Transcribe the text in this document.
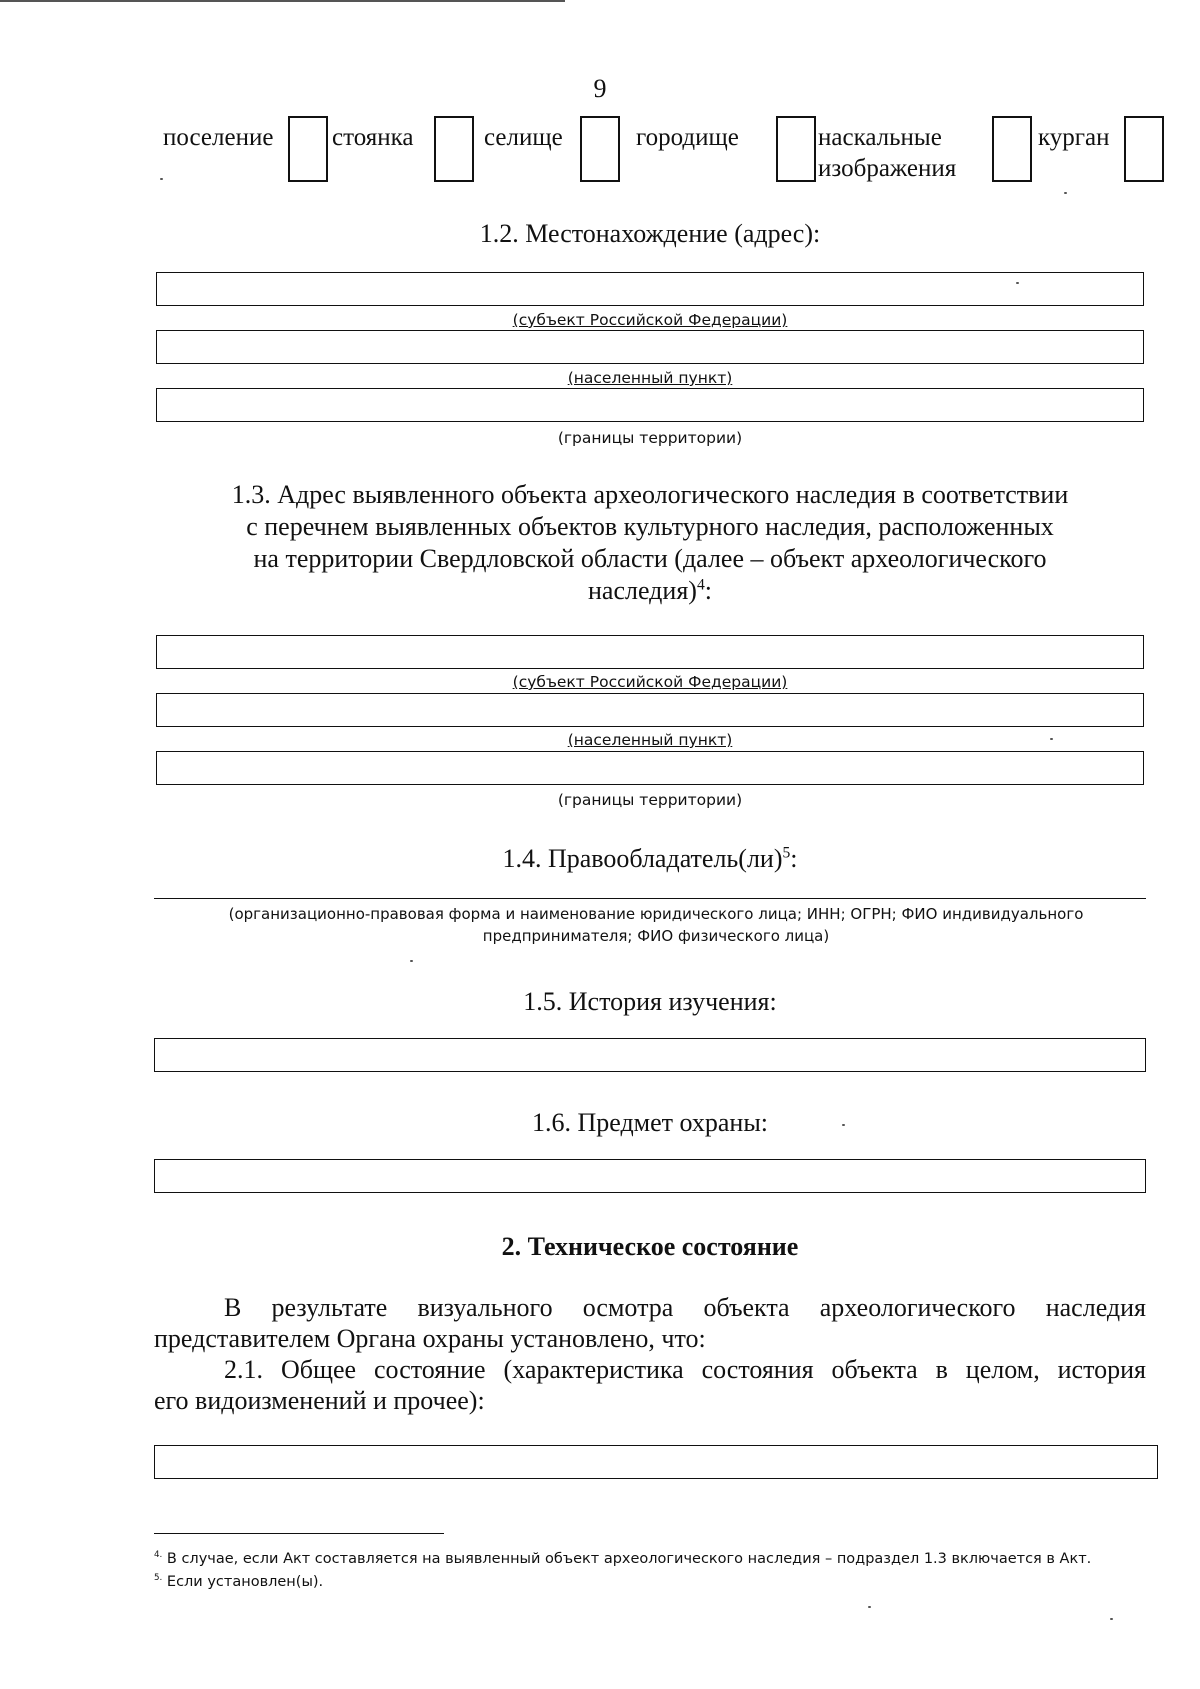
9
поселение стоянка	селище	городище	наскальные изображения
курган
1.2. Местонахождение (адрес):
(субъект Российской Федерации)
(населенный пункт)
(границы территории)
1.3. Адрес выявленного объекта археологического наследия в соответствии
с перечнем выявленных объектов культурного наследия, расположенных
на территории Свердловской области (далее – объект археологического
наследия)$^4$:
(субъект Российской Федерации)
(населенный пункт)
(границы территории)
1.4. Правообладатель(ли)$^5$:
(организационно-правовая форма и наименование юридического лица; ИНН; ОГРН; ФИО индивидуального
предпринимателя; ФИО физического лица)
1.5. История изучения:
1.6. Предмет охраны:
2. Техническое состояние
В результате визуального осмотра объекта археологического наследия
представителем Органа охраны установлено, что:
2.1. Общее состояние (характеристика состояния объекта в целом, история
его видоизменений и прочее):
$^{4.}$ В случае, если Акт составляется на выявленный объект археологического наследия – подраздел 1.3 включается в Акт.
$^{5.}$ Если установлен(ы).
